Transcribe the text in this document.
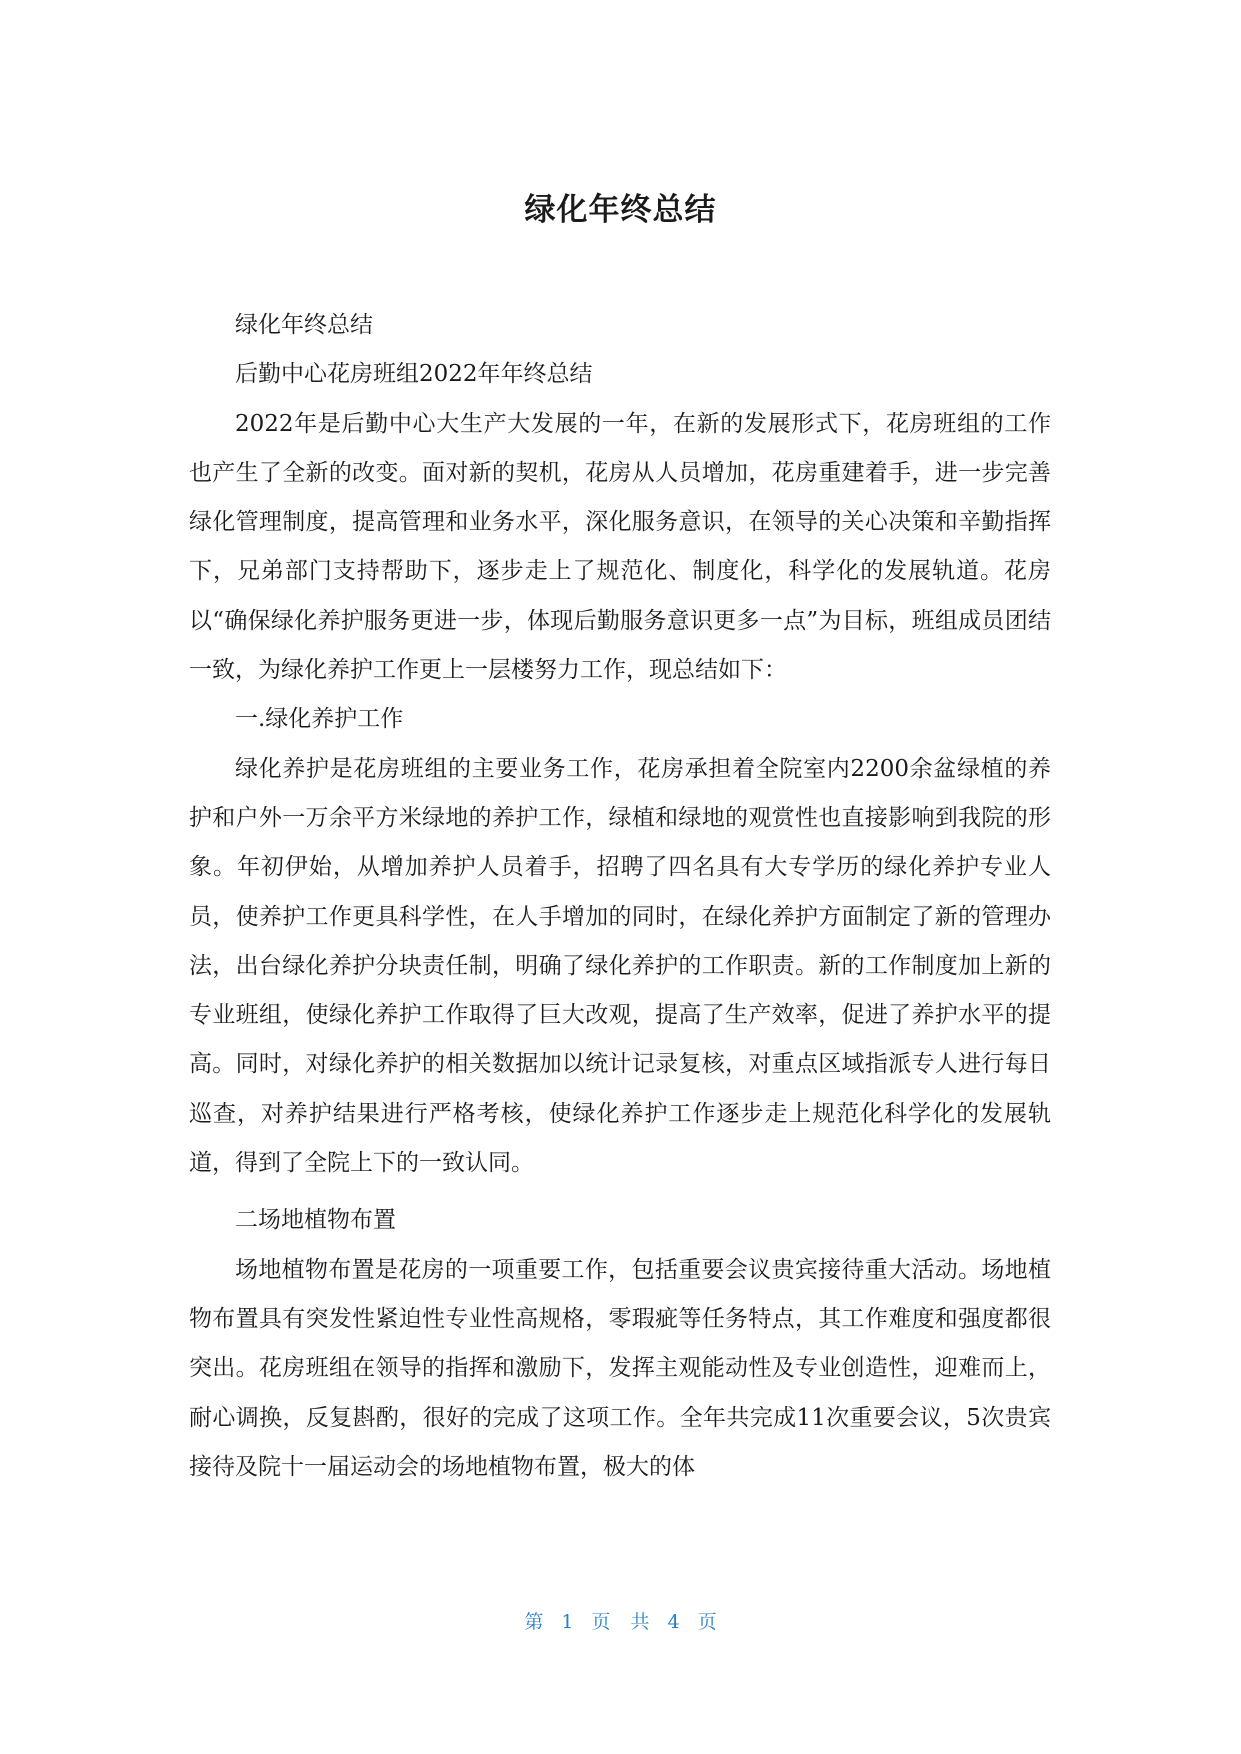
绿化年终总结

绿化年终总结

后勤中心花房班组2022年年终总结

2022年是后勤中心大生产大发展的一年，在新的发展形式下，花房班组的工作也产生了全新的改变。面对新的契机，花房从人员增加，花房重建着手，进一步完善绿化管理制度，提高管理和业务水平，深化服务意识，在领导的关心决策和辛勤指挥下，兄弟部门支持帮助下，逐步走上了规范化、制度化，科学化的发展轨道。花房以“确保绿化养护服务更进一步，体现后勤服务意识更多一点”为目标，班组成员团结一致，为绿化养护工作更上一层楼努力工作，现总结如下：

一.绿化养护工作

绿化养护是花房班组的主要业务工作，花房承担着全院室内2200余盆绿植的养护和户外一万余平方米绿地的养护工作，绿植和绿地的观赏性也直接影响到我院的形象。年初伊始，从增加养护人员着手，招聘了四名具有大专学历的绿化养护专业人员，使养护工作更具科学性，在人手增加的同时，在绿化养护方面制定了新的管理办法，出台绿化养护分块责任制，明确了绿化养护的工作职责。新的工作制度加上新的专业班组，使绿化养护工作取得了巨大改观，提高了生产效率，促进了养护水平的提高。同时，对绿化养护的相关数据加以统计记录复核，对重点区域指派专人进行每日巡查，对养护结果进行严格考核，使绿化养护工作逐步走上规范化科学化的发展轨道，得到了全院上下的一致认同。

二场地植物布置

场地植物布置是花房的一项重要工作，包括重要会议贵宾接待重大活动。场地植物布置具有突发性紧迫性专业性高规格，零瑕疵等任务特点，其工作难度和强度都很突出。花房班组在领导的指挥和激励下，发挥主观能动性及专业创造性，迎难而上，耐心调换，反复斟酌，很好的完成了这项工作。全年共完成11次重要会议，5次贵宾接待及院十一届运动会的场地植物布置，极大的体

第 1 页 共 4 页
